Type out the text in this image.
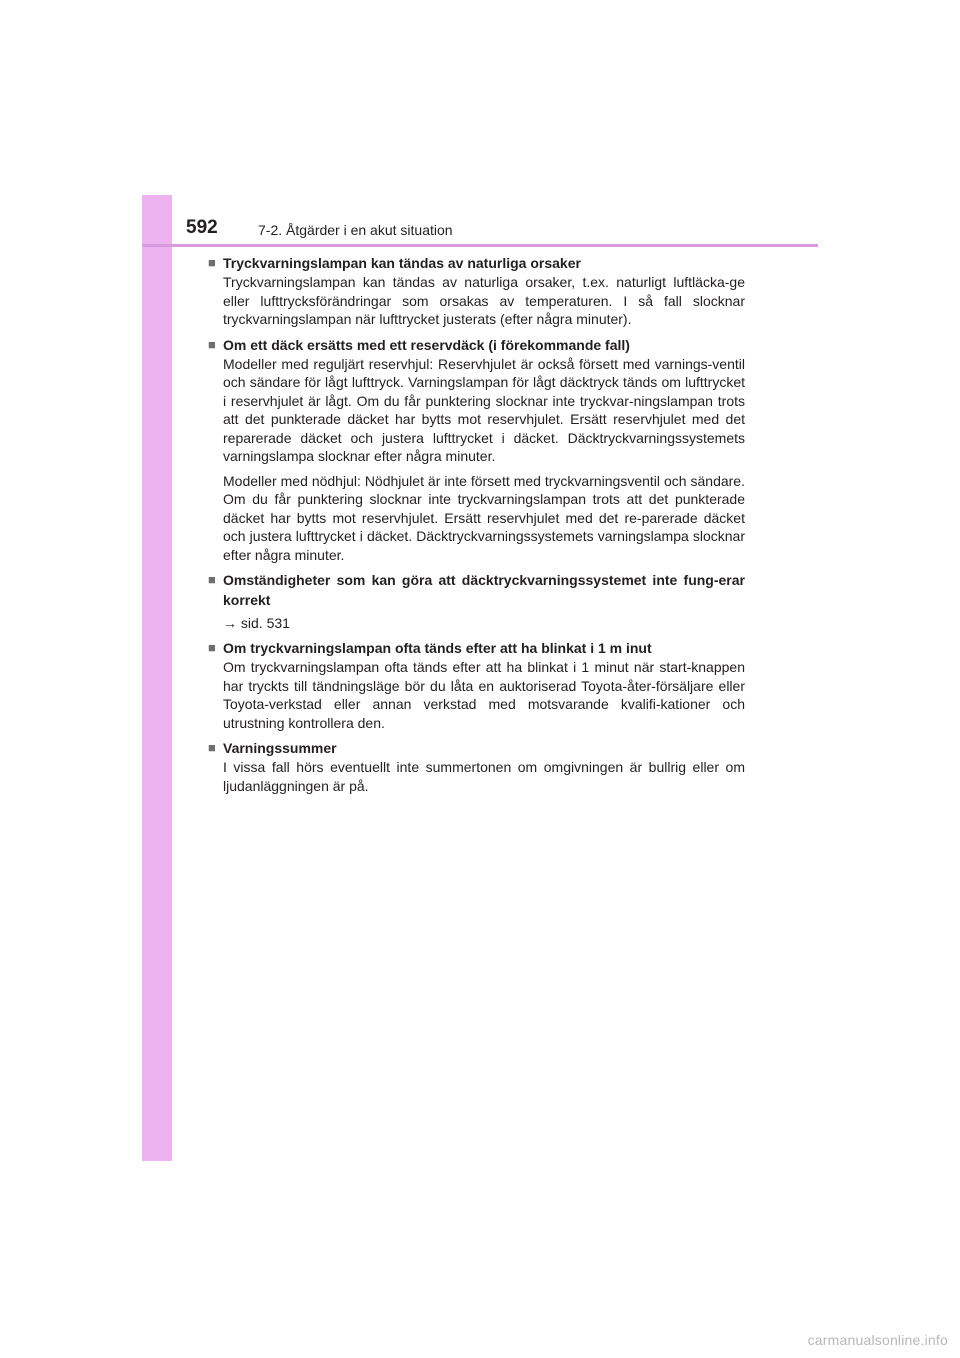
592	7-2. Åtgärder i en akut situation
■ Tryckvarningslampan kan tändas av naturliga orsaker

Tryckvarningslampan kan tändas av naturliga orsaker, t.ex. naturligt luftläcka-ge eller lufttrycksförändringar som orsakas av temperaturen. I så fall slocknar tryckvarningslampan när lufttrycket justerats (efter några minuter).

■ Om ett däck ersätts med ett reservdäck (i förekommande fall)

Modeller med reguljärt reservhjul: Reservhjulet är också försett med varnings-ventil och sändare för lågt lufttryck. Varningslampan för lågt däcktryck tänds om lufttrycket i reservhjulet är lågt. Om du får punktering slocknar inte tryckvar-ningslampan trots att det punkterade däcket har bytts mot reservhjulet. Ersätt reservhjulet med det reparerade däcket och justera lufttrycket i däcket. Däcktryckvarningssystemets varningslampa slocknar efter några minuter.

Modeller med nödhjul: Nödhjulet är inte försett med tryckvarningsventil och sändare. Om du får punktering slocknar inte tryckvarningslampan trots att det punkterade däcket har bytts mot reservhjulet. Ersätt reservhjulet med det re-parerade däcket och justera lufttrycket i däcket. Däcktryckvarningssystemets varningslampa slocknar efter några minuter.

■ Omständigheter som kan göra att däcktryckvarningssystemet inte fung-erar korrekt
→ sid. 531
■ Om tryckvarningslampan ofta tänds efter att ha blinkat i 1 m inut

Om tryckvarningslampan ofta tänds efter att ha blinkat i 1 minut när start-knappen har tryckts till tändningsläge bör du låta en auktoriserad Toyota-åter-försäljare eller Toyota-verkstad eller annan verkstad med motsvarande kvalifi-kationer och utrustning kontrollera den.

■ Varningssummer

I vissa fall hörs eventuellt inte summertonen om omgivningen är bullrig eller om ljudanläggningen är på.

carmanualsonline.info
